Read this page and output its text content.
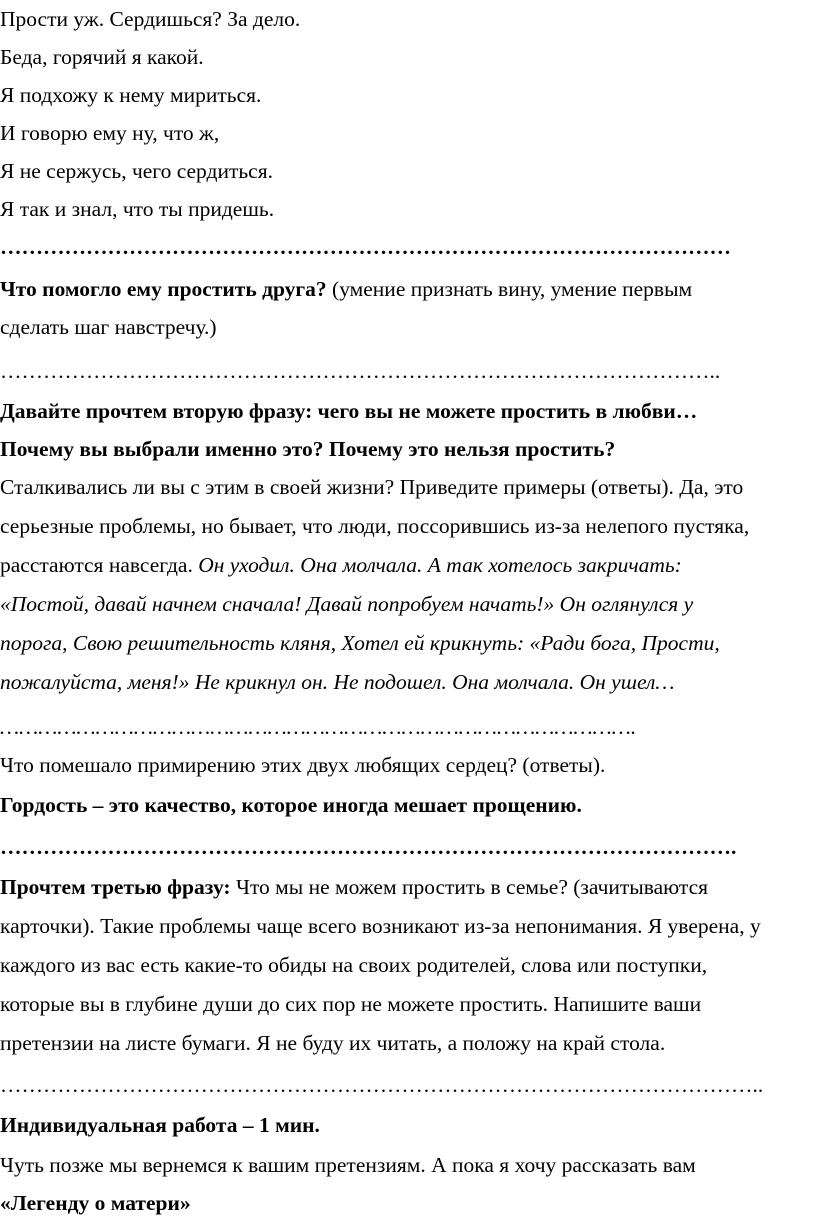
Прости уж. Сердишься? За дело.
Беда, горячий я какой.
Я подхожу к нему мириться.
И говорю ему ну, что ж,
Я не сержусь, чего сердиться.
Я так и знал, что ты придешь.
…………………………………………………………………………………………
Что помогло ему простить друга? (умение признать вину, умение первым
сделать шаг навстречу.)
………………………………………………………………………………………..
Давайте прочтем вторую фразу: чего вы не можете простить в любви…
Почему вы выбрали именно это? Почему это нельзя простить?
Сталкивались ли вы с этим в своей жизни? Приведите примеры (ответы). Да, это
серьезные проблемы, но бывает, что люди, поссорившись из-за нелепого пустяка,
расстаются навсегда. Он уходил. Она молчала. А так хотелось закричать:
«Постой, давай начнем сначала! Давай попробуем начать!» Он оглянулся у
порога, Свою решительность кляня, Хотел ей крикнуть: «Ради бога, Прости,
пожалуйста, меня!» Не крикнул он. Не подошел. Она молчала. Он ушел…
……………………………………………………………………………………….
Что помешало примирению этих двух любящих сердец? (ответы).
Гордость – это качество, которое иногда мешает прощению.
………………………………………………………………………………………….
Прочтем третью фразу: Что мы не можем простить в семье? (зачитываются
карточки). Такие проблемы чаще всего возникают из-за непонимания. Я уверена, у
каждого из вас есть какие-то обиды на своих родителей, слова или поступки,
которые вы в глубине души до сих пор не можете простить. Напишите ваши
претензии на листе бумаги. Я не буду их читать, а положу на край стола.
……………………………………………………………………………………………..
Индивидуальная работа – 1 мин.
Чуть позже мы вернемся к вашим претензиям. А пока я хочу рассказать вам
«Легенду о матери»
